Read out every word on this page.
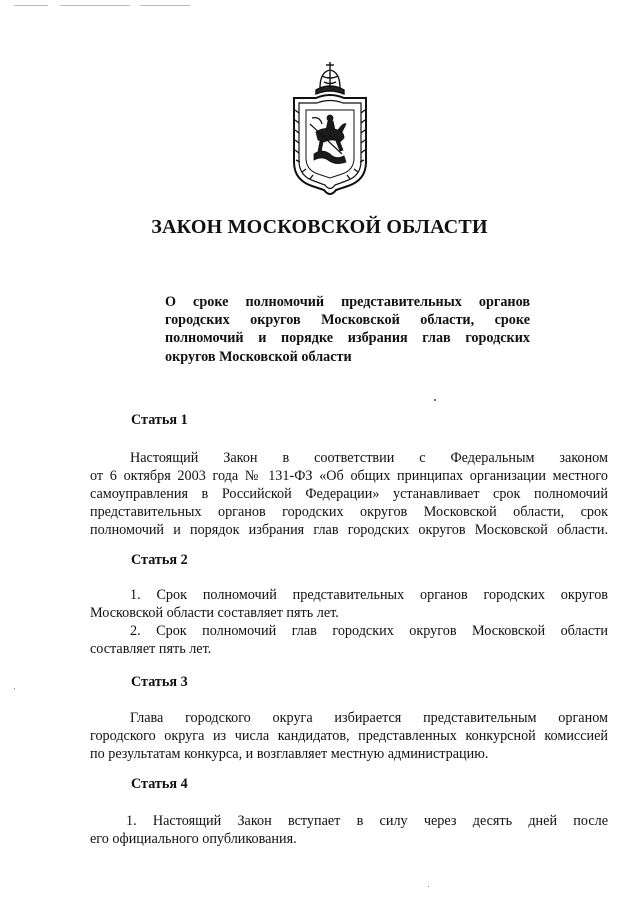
ЗАКОН МОСКОВСКОЙ ОБЛАСТИ
О сроке полномочий представительных органов
городских округов Московской области, сроке
полномочий и порядке избрания глав городских
округов Московской области
Статья 1
Настоящий Закон в соответствии с Федеральным законом
от 6 октября 2003 года № 131-ФЗ «Об общих принципах организации местного
самоуправления в Российской Федерации» устанавливает срок полномочий
представительных органов городских округов Московской области, срок
полномочий и порядок избрания глав городских округов Московской области.
Статья 2
1. Срок полномочий представительных органов городских округов
Московской области составляет пять лет.
2. Срок полномочий глав городских округов Московской области
составляет пять лет.
Статья 3
Глава городского округа избирается представительным органом
городского округа из числа кандидатов, представленных конкурсной комиссией
по результатам конкурса, и возглавляет местную администрацию.
Статья 4
1. Настоящий Закон вступает в силу через десять дней после
его официального опубликования.
